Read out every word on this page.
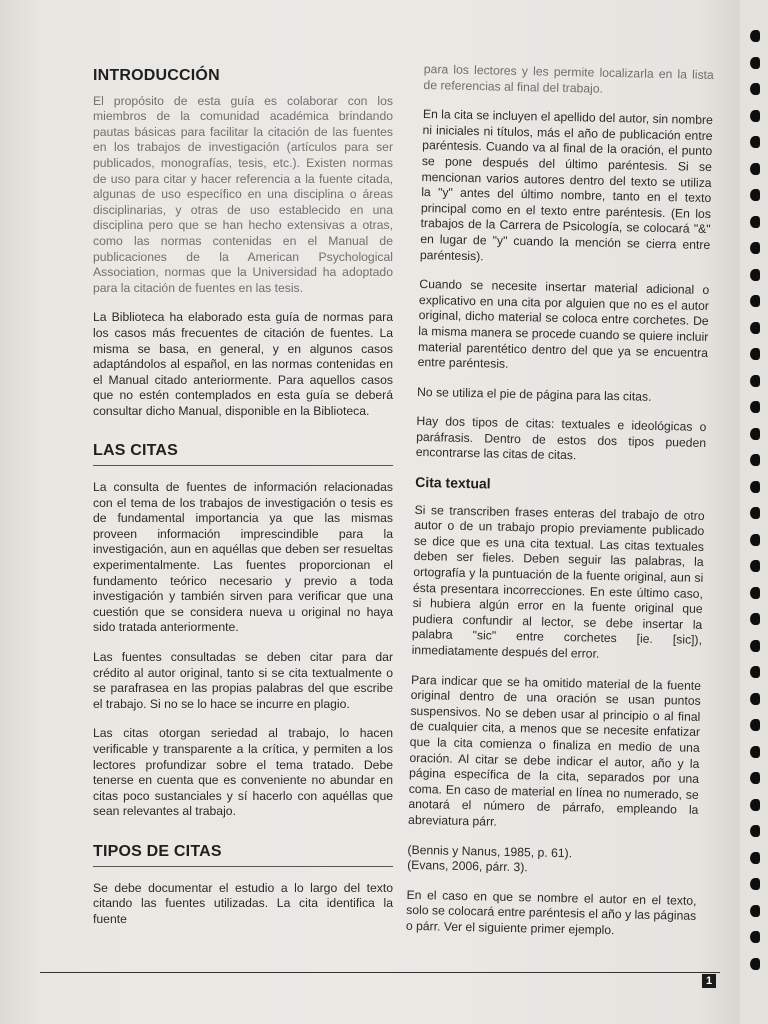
INTRODUCCIÓN

El propósito de esta guía es colaborar con los miembros de la comunidad académica brindando pautas básicas para facilitar la citación de las fuentes en los trabajos de investigación (artículos para ser publicados, monografías, tesis, etc.). Existen normas de uso para citar y hacer referencia a la fuente citada, algunas de uso específico en una disciplina o áreas disciplinarias, y otras de uso establecido en una disciplina pero que se han hecho extensivas a otras, como las normas contenidas en el Manual de publicaciones de la American Psychological Association, normas que la Universidad ha adoptado para la citación de fuentes en las tesis.

La Biblioteca ha elaborado esta guía de normas para los casos más frecuentes de citación de fuentes. La misma se basa, en general, y en algunos casos adaptándolos al español, en las normas contenidas en el Manual citado anteriormente. Para aquellos casos que no estén contemplados en esta guía se deberá consultar dicho Manual, disponible en la Biblioteca.

LAS CITAS

La consulta de fuentes de información relacionadas con el tema de los trabajos de investigación o tesis es de fundamental importancia ya que las mismas proveen información imprescindible para la investigación, aun en aquéllas que deben ser resueltas experimentalmente. Las fuentes proporcionan el fundamento teórico necesario y previo a toda investigación y también sirven para verificar que una cuestión que se considera nueva u original no haya sido tratada anteriormente.

Las fuentes consultadas se deben citar para dar crédito al autor original, tanto si se cita textualmente o se parafrasea en las propias palabras del que escribe el trabajo. Si no se lo hace se incurre en plagio.

Las citas otorgan seriedad al trabajo, lo hacen verificable y transparente a la crítica, y permiten a los lectores profundizar sobre el tema tratado. Debe tenerse en cuenta que es conveniente no abundar en citas poco sustanciales y sí hacerlo con aquéllas que sean relevantes al trabajo.

TIPOS DE CITAS

Se debe documentar el estudio a lo largo del texto citando las fuentes utilizadas. La cita identifica la fuente

para los lectores y les permite localizarla en la lista de referencias al final del trabajo.

En la cita se incluyen el apellido del autor, sin nombre ni iniciales ni títulos, más el año de publicación entre paréntesis. Cuando va al final de la oración, el punto se pone después del último paréntesis. Si se mencionan varios autores dentro del texto se utiliza la "y" antes del último nombre, tanto en el texto principal como en el texto entre paréntesis. (En los trabajos de la Carrera de Psicología, se colocará "&" en lugar de "y" cuando la mención se cierra entre paréntesis).

Cuando se necesite insertar material adicional o explicativo en una cita por alguien que no es el autor original, dicho material se coloca entre corchetes. De la misma manera se procede cuando se quiere incluir material parentético dentro del que ya se encuentra entre paréntesis.

No se utiliza el pie de página para las citas.

Hay dos tipos de citas: textuales e ideológicas o paráfrasis. Dentro de estos dos tipos pueden encontrarse las citas de citas.

Cita textual

Si se transcriben frases enteras del trabajo de otro autor o de un trabajo propio previamente publicado se dice que es una cita textual. Las citas textuales deben ser fieles. Deben seguir las palabras, la ortografía y la puntuación de la fuente original, aun si ésta presentara incorrecciones. En este último caso, si hubiera algún error en la fuente original que pudiera confundir al lector, se debe insertar la palabra "sic" entre corchetes [ie. [sic]), inmediatamente después del error.

Para indicar que se ha omitido material de la fuente original dentro de una oración se usan puntos suspensivos. No se deben usar al principio o al final de cualquier cita, a menos que se necesite enfatizar que la cita comienza o finaliza en medio de una oración. Al citar se debe indicar el autor, año y la página específica de la cita, separados por una coma. En caso de material en línea no numerado, se anotará el número de párrafo, empleando la abreviatura párr.

(Bennis y Nanus, 1985, p. 61).
(Evans, 2006, párr. 3).

En el caso en que se nombre el autor en el texto, solo se colocará entre paréntesis el año y las páginas o párr. Ver el siguiente primer ejemplo.

1
